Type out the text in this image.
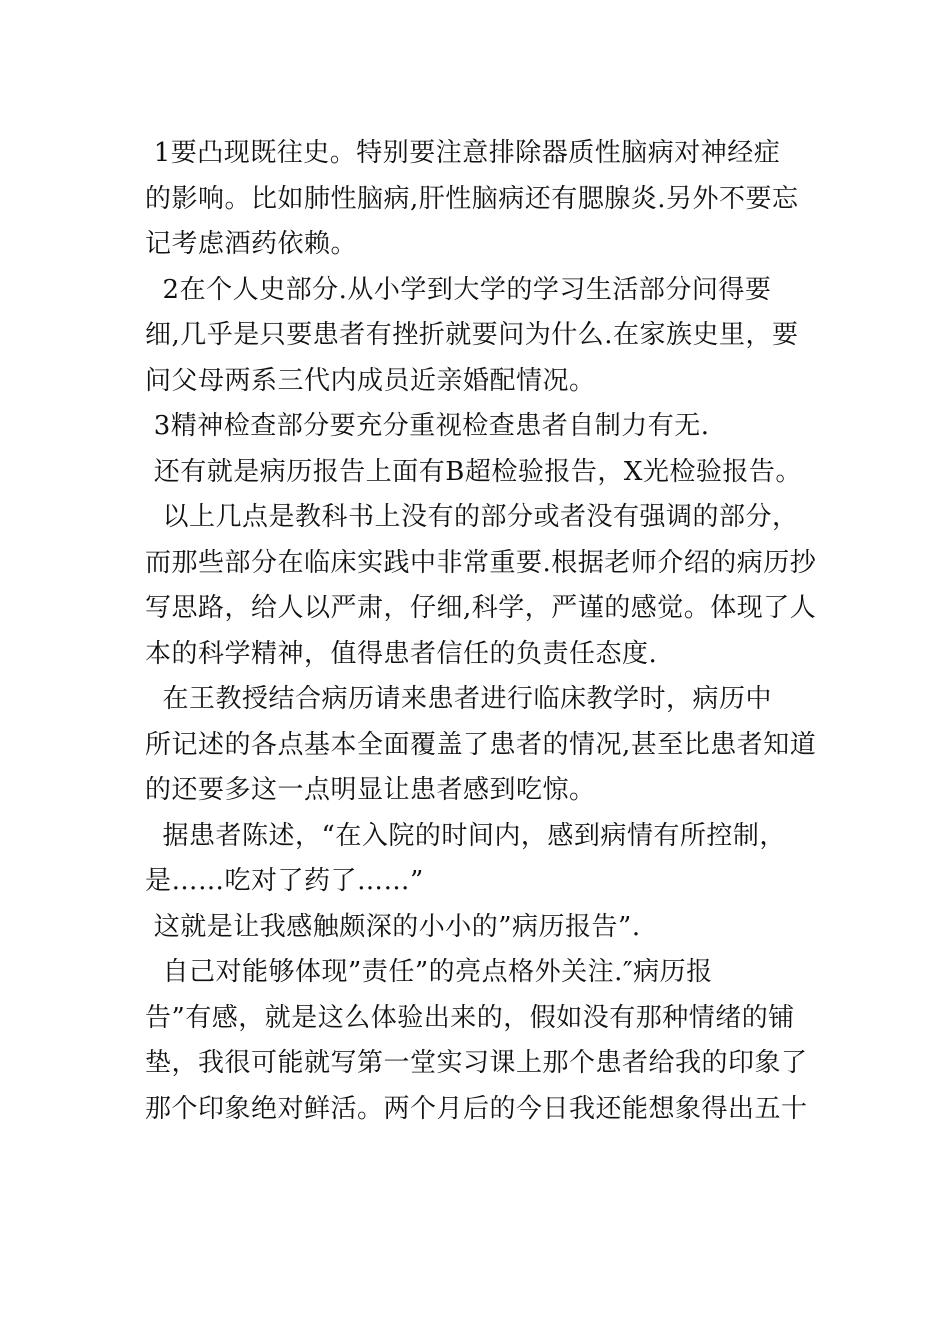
1要凸现既往史。特别要注意排除器质性脑病对神经症
的影响。比如肺性脑病,肝性脑病还有腮腺炎.另外不要忘
记考虑酒药依赖。

2在个人史部分.从小学到大学的学习生活部分问得要
细,几乎是只要患者有挫折就要问为什么.在家族史里，要
问父母两系三代内成员近亲婚配情况。

3精神检查部分要充分重视检查患者自制力有无.

还有就是病历报告上面有B超检验报告，X光检验报告。

以上几点是教科书上没有的部分或者没有强调的部分，
而那些部分在临床实践中非常重要.根据老师介绍的病历抄
写思路，给人以严肃，仔细,科学，严谨的感觉。体现了人
本的科学精神，值得患者信任的负责任态度.

在王教授结合病历请来患者进行临床教学时，病历中
所记述的各点基本全面覆盖了患者的情况,甚至比患者知道
的还要多这一点明显让患者感到吃惊。

据患者陈述，“在入院的时间内，感到病情有所控制，
是……吃对了药了……”

这就是让我感触颇深的小小的”病历报告”.

自己对能够体现”责任”的亮点格外关注.″病历报
告”有感，就是这么体验出来的，假如没有那种情绪的铺
垫，我很可能就写第一堂实习课上那个患者给我的印象了
那个印象绝对鲜活。两个月后的今日我还能想象得出五十
